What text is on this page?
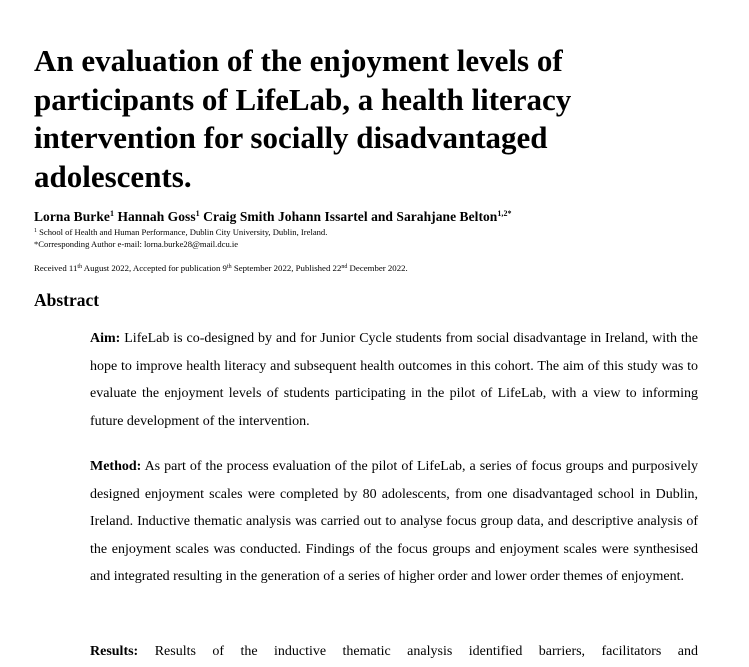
An evaluation of the enjoyment levels of
participants of LifeLab, a health literacy
intervention for socially disadvantaged
adolescents.
Lorna Burke$^1$ Hannah Goss$^1$ Craig Smith Johann Issartel and Sarahjane Belton$^{1,2*}$
$^1$ School of Health and Human Performance, Dublin City University, Dublin, Ireland.
*Corresponding Author e-mail: lorna.burke28@mail.dcu.ie
Received 11th August 2022, Accepted for publication 9th September 2022, Published 22nd December 2022.
Abstract

Aim: LifeLab is co-designed by and for Junior Cycle students from social disadvantage in Ireland, with the hope to improve health literacy and subsequent health outcomes in this cohort. The aim of this study was to evaluate the enjoyment levels of students participating in the pilot of LifeLab, with a view to informing future development of the intervention.

Method: As part of the process evaluation of the pilot of LifeLab, a series of focus groups and purposively designed enjoyment scales were completed by 80 adolescents, from one disadvantaged school in Dublin, Ireland. Inductive thematic analysis was carried out to analyse focus group data, and descriptive analysis of the enjoyment scales was conducted. Findings of the focus groups and enjoyment scales were synthesised and integrated resulting in the generation of a series of higher order and lower order themes of enjoyment.

Results: Results of the inductive thematic analysis identified barriers, facilitators and
